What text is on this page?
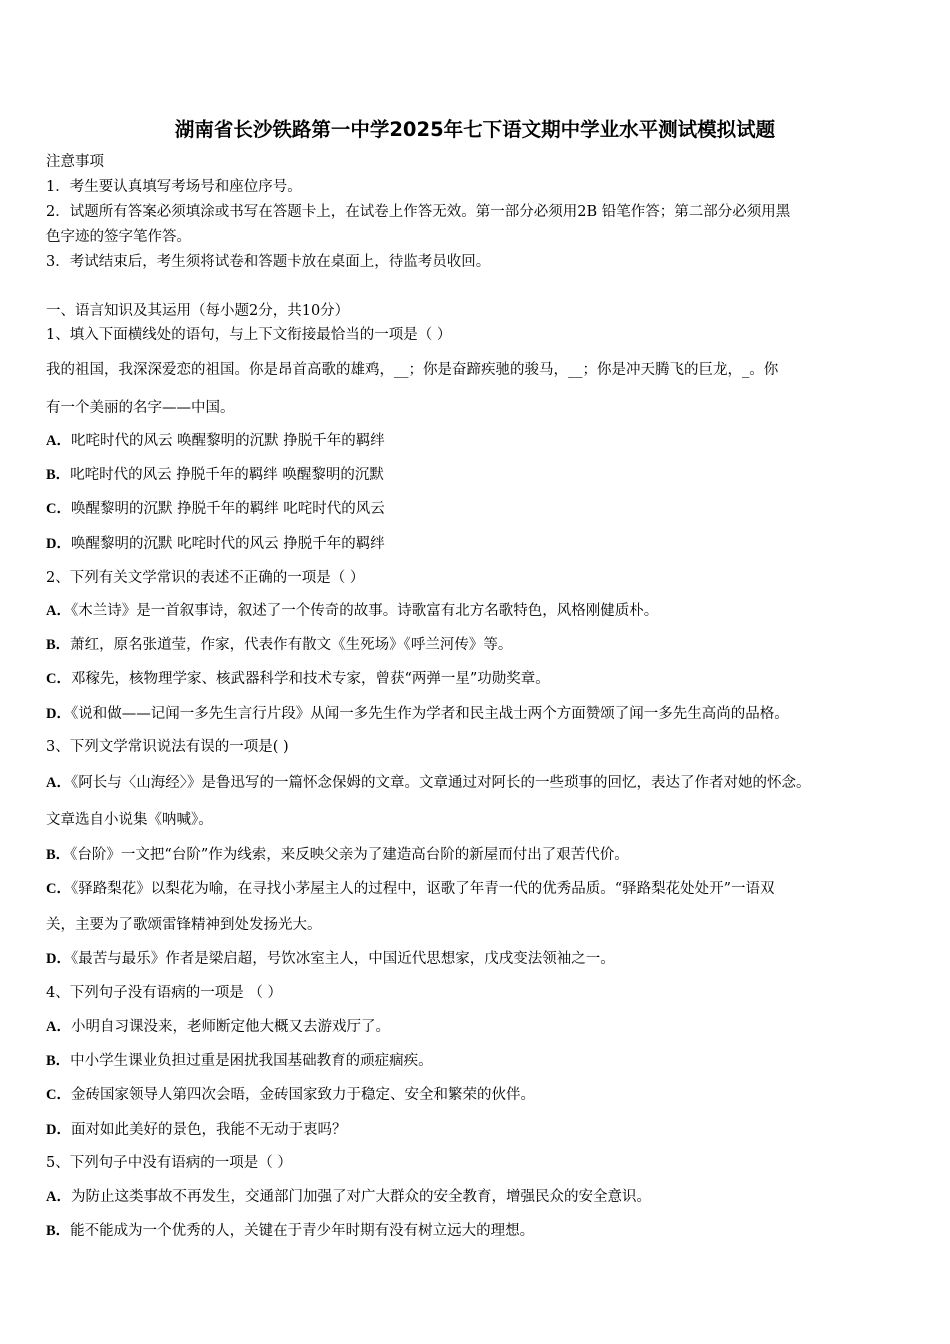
湖南省长沙铁路第一中学2025年七下语文期中学业水平测试模拟试题
注意事项
1．考生要认真填写考场号和座位序号。
2．试题所有答案必须填涂或书写在答题卡上，在试卷上作答无效。第一部分必须用2B 铅笔作答；第二部分必须用黑
色字迹的签字笔作答。
3．考试结束后，考生须将试卷和答题卡放在桌面上，待监考员收回。
一、语言知识及其运用（每小题2分，共10分）
1、填入下面横线处的语句，与上下文衔接最恰当的一项是（ ）
我的祖国，我深深爱恋的祖国。你是昂首高歌的雄鸡，__；你是奋蹄疾驰的骏马，__；你是冲天腾飞的巨龙，_。你
有一个美丽的名字——中国。
A．叱咤时代的风云 唤醒黎明的沉默 挣脱千年的羁绊
B．叱咤时代的风云 挣脱千年的羁绊 唤醒黎明的沉默
C．唤醒黎明的沉默 挣脱千年的羁绊 叱咤时代的风云
D．唤醒黎明的沉默 叱咤时代的风云 挣脱千年的羁绊
2、下列有关文学常识的表述不正确的一项是（ ）
A．《木兰诗》是一首叙事诗，叙述了一个传奇的故事。诗歌富有北方名歌特色，风格刚健质朴。
B．萧红，原名张道莹，作家，代表作有散文《生死场》《呼兰河传》等。
C．邓稼先，核物理学家、核武器科学和技术专家，曾获“两弹一星”功勋奖章。
D．《说和做——记闻一多先生言行片段》从闻一多先生作为学者和民主战士两个方面赞颂了闻一多先生高尚的品格。
3、下列文学常识说法有误的一项是( )
A．《阿长与〈山海经〉》是鲁迅写的一篇怀念保姆的文章。文章通过对阿长的一些琐事的回忆，表达了作者对她的怀念。
文章选自小说集《呐喊》。
B．《台阶》一文把“台阶”作为线索，来反映父亲为了建造高台阶的新屋而付出了艰苦代价。
C．《驿路梨花》以梨花为喻，在寻找小茅屋主人的过程中，讴歌了年青一代的优秀品质。“驿路梨花处处开”一语双
关，主要为了歌颂雷锋精神到处发扬光大。
D．《最苦与最乐》作者是梁启超，号饮冰室主人，中国近代思想家，戊戌变法领袖之一。
4、下列句子没有语病的一项是 （ ）
A．小明自习课没来，老师断定他大概又去游戏厅了。
B．中小学生课业负担过重是困扰我国基础教育的顽症痼疾。
C．金砖国家领导人第四次会晤，金砖国家致力于稳定、安全和繁荣的伙伴。
D．面对如此美好的景色，我能不无动于衷吗？
5、下列句子中没有语病的一项是（ ）
A．为防止这类事故不再发生，交通部门加强了对广大群众的安全教育，增强民众的安全意识。
B．能不能成为一个优秀的人，关键在于青少年时期有没有树立远大的理想。
